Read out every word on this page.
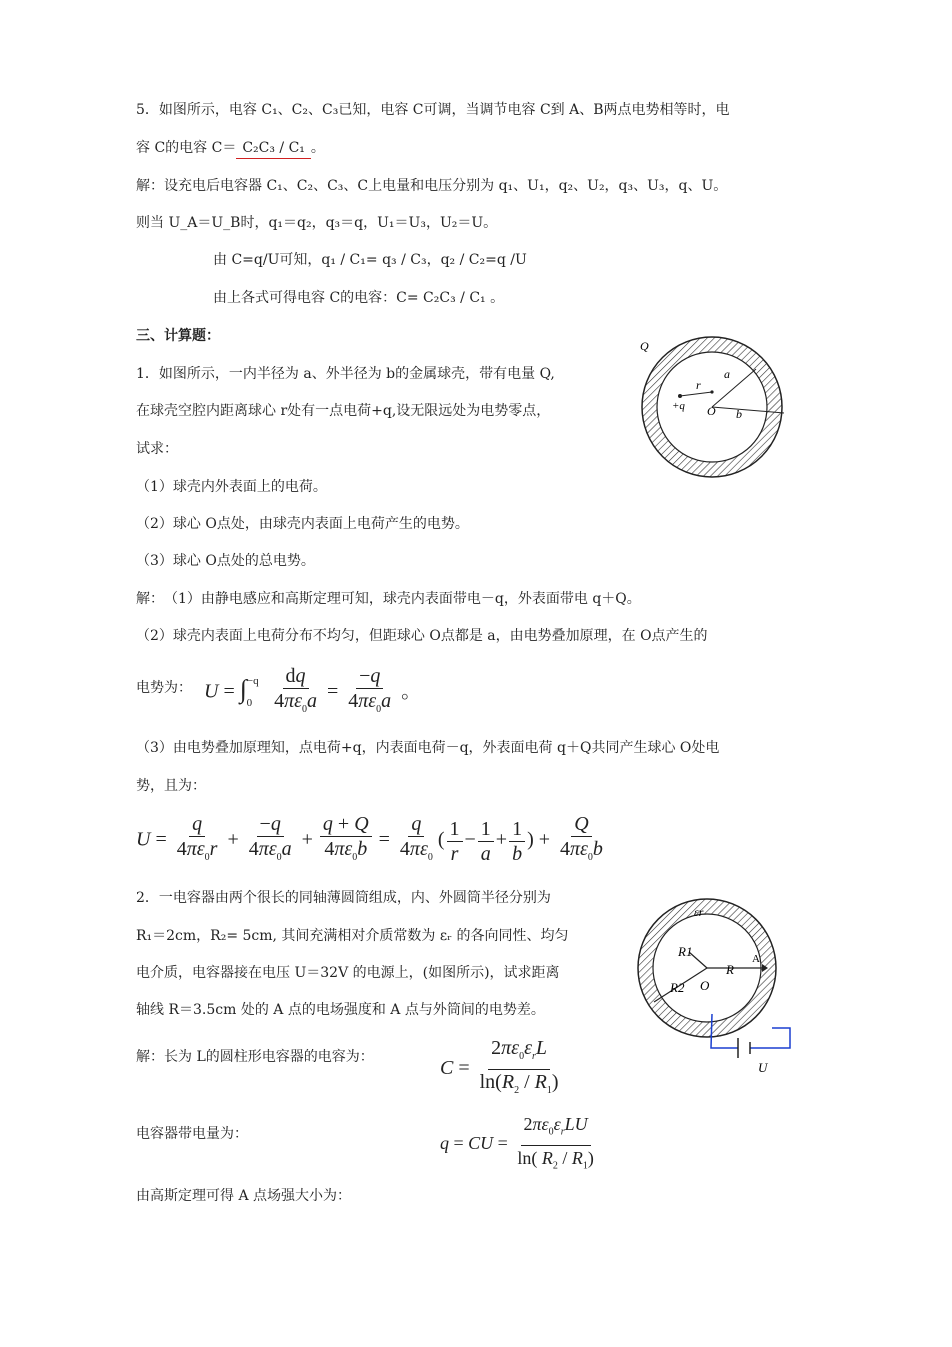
5．如图所示，电容 C₁、C₂、C₃已知，电容 C可调，当调节电容 C到 A、B两点电势相等时，电
容 C的电容 C＝ C₂C₃ / C₁ 。
解：设充电后电容器 C₁、C₂、C₃、C上电量和电压分别为 q₁、U₁，q₂、U₂，q₃、U₃，q、U。
则当 U_A＝U_B时，q₁＝q₂，q₃＝q，U₁＝U₃，U₂＝U。
由 C=q/U可知，q₁ / C₁= q₃ / C₃，q₂ / C₂=q /U
由上各式可得电容 C的电容：C= C₂C₃ / C₁ 。
三、计算题：
1．如图所示，一内半径为 a、外半径为 b的金属球壳，带有电量 Q,
在球壳空腔内距离球心 r处有一点电荷+q,设无限远处为电势零点，
试求：
（1）球壳内外表面上的电荷。
（2）球心 O点处，由球壳内表面上电荷产生的电势。
（3）球心 O点处的总电势。
解：　（1）由静电感应和高斯定理可知，球壳内表面带电－q，外表面带电 q＋Q。
（2）球壳内表面上电荷分布不均匀，但距球心 O点都是 a，由电势叠加原理，在 O点产生的
电势为： $U = \int^{-q}_0 \frac{dq}{4\pi\varepsilon_0a} = \frac{-q}{4\pi\varepsilon_0a}$ 。
（3）由电势叠加原理知，点电荷+q，内表面电荷－q，外表面电荷 q＋Q共同产生球心 O处电
势，且为：
$U = \frac{q}{4\pi\varepsilon_0r} + \frac{-q}{4\pi\varepsilon_0a} + \frac{q + Q}{4\pi\varepsilon_0b} = \frac{q}{4\pi\varepsilon_0}$ ( $\frac{1}{r} - \frac{1}{a} + \frac{1}{b}$ ) + $\frac{Q}{4\pi\varepsilon_0b}$
Q
a
r
+q O b
2．一电容器由两个很长的同轴薄圆筒组成，内、外圆筒半径分别为
R₁＝2cm，R₂= 5cm, 其间充满相对介质常数为 εᵣ 的各向同性、均匀
电介质，电容器接在电压 U＝32V 的电源上，(如图所示)，试求距离
轴线 R＝3.5cm 处的 A 点的电场强度和 A 点与外筒间的电势差。
解：长为 L的圆柱形电容器的电容为：
$C = \frac{2\pi\varepsilon_0\varepsilon_rL}{\ln(R_2 / R_1)}$
电容器带电量为：	q = CU = $\frac{2\pi\varepsilon_0\varepsilon_rLU}{\ln( R_2 / R_1)}$
由高斯定理可得 A 点场强大小为：
εr
R1
R2 O
R
A
U
